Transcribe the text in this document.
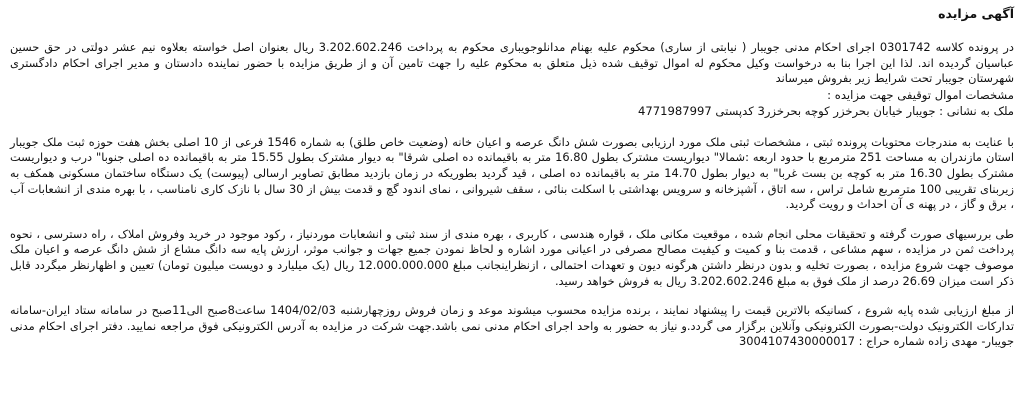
آگهی مزایده

در پرونده کلاسه 0301742 اجرای احکام مدنی جویبار ( نیابتی از ساری) محکوم علیه بهنام مدانلوجویباری محکوم به پرداخت 3.202.602.246 ریال بعنوان اصل خواسته بعلاوه نیم عشر دولتی در حق حسین عباسیان گردیده اند. لذا این اجرا بنا به درخواست وکیل محکوم له اموال توقیف شده ذیل متعلق به محکوم علیه را جهت تامین آن و از طریق مزایده با حضور نماینده دادستان و مدیر اجرای احکام دادگستری شهرستان جویبار تحت شرایط زیر بفروش میرساند

مشخصات اموال توقیفی جهت مزایده :

ملک به نشانی : جویبار خیابان بحرخزر کوچه بحرخزر3 کدپستی 4771987997

با عنایت به مندرجات محتویات پرونده ثبتی ، مشخصات ثبتی ملک مورد ارزیابی بصورت شش دانگ عرصه و اعیان خانه (وضعیت خاص طلق) به شماره 1546 فرعی از 10 اصلی بخش هفت حوزه ثبت ملک جویبار استان مازندران به مساحت 251 مترمربع با حدود اربعه :شمالا" دیواریست مشترک بطول 16.80 متر به باقیمانده ده اصلی شرقا" به دیوار مشترک بطول 15.55 متر به باقیمانده ده اصلی جنوبا" درب و دیواریست مشترک بطول 16.30 متر به کوچه بن بست غربا" به دیوار بطول 14.70 متر به باقیمانده ده اصلی ، قید گردید بطوریکه در زمان بازدید مطابق تصاویر ارسالی (پیوست) یک دستگاه ساختمان مسکونی همکف به زیربنای تقریبی 100 مترمربع شامل تراس ، سه اتاق ، آشپزخانه و سرویس بهداشتی با اسکلت بنائی ، سقف شیروانی ، نمای اندود گچ و قدمت بیش از 30 سال با نازک کاری نامناسب ، با بهره مندی از انشعابات آب ، برق و گاز ، در پهنه ی آن احداث و رویت گردید.

طی بررسیهای صورت گرفته و تحقیقات محلی انجام شده ، موقعیت مکانی ملک ، قواره هندسی ، کاربری ، بهره مندی از سند ثبتی و انشعابات موردنیاز ، رکود موجود در خرید وفروش املاک ، راه دسترسی ، نحوه پرداخت ثمن در مزایده ، سهم مشاعی ، قدمت بنا و کمیت و کیفیت مصالح مصرفی در اعیانی مورد اشاره و لحاظ نمودن جمیع جهات و جوانب موثر، ارزش پایه سه دانگ مشاع از شش دانگ عرصه و اعیان ملک موصوف جهت شروع مزایده ، بصورت تخلیه و بدون درنظر داشتن هرگونه دیون و تعهدات احتمالی ، ازنظراینجانب مبلغ 12.000.000.000 ریال (یک میلیارد و دویست میلیون تومان) تعیین و اظهارنظر میگردد قابل ذکر است میزان 26.69 درصد از ملک فوق به مبلغ 3.202.602.246 ریال به فروش خواهد رسید.

از مبلغ ارزیابی شده پایه شروع ، کسانیکه بالاترین قیمت را پیشنهاد نمایند ، برنده مزایده محسوب میشوند موعد و زمان فروش روزچهارشنبه 1404/02/03 ساعت8صبح الی11صبح در سامانه ستاد ایران-سامانه تدارکات الکترونیک دولت-بصورت الکترونیکی وآنلاین برگزار می گردد.و نیاز به حضور به واحد اجرای احکام مدنی نمی باشد.جهت شرکت در مزایده به آدرس الکترونیکی فوق مراجعه نمایید. دفتر اجرای احکام مدنی جویبار- مهدی زاده شماره حراج : 3004107430000017
